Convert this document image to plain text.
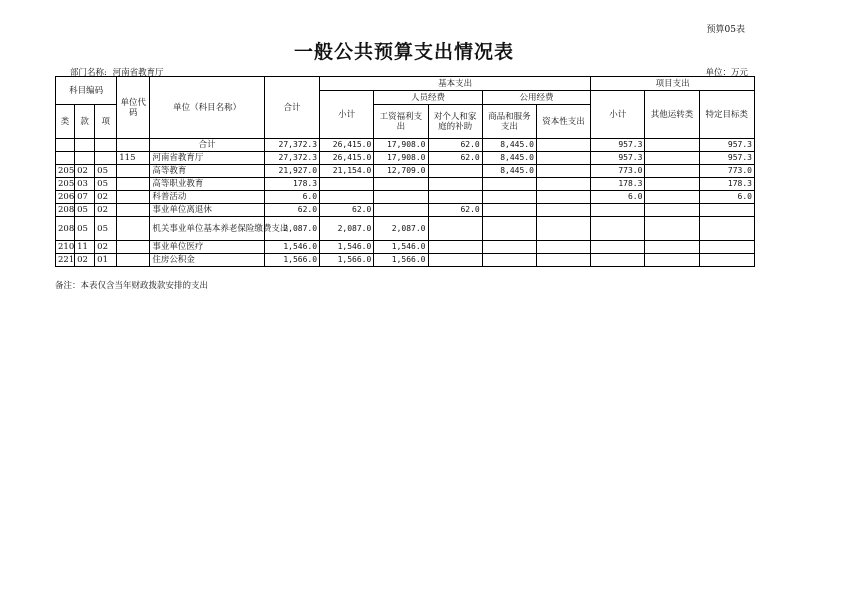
预算05表
一般公共预算支出情况表
部门名称: 河南省教育厅	单位：万元
科目编码			单位代码	单位（科目名称）	合计	基本支出					项目支出		
						小计	人员经费		公用经费		小计	其他运转类	特定目标类
类	款	项					工资福利支出	对个人和家庭的补助	商品和服务支出	资本性支出			

				合计	27,372.3	26,415.0	17,908.0	62.0	8,445.0		957.3		957.3
			115	河南省教育厅	27,372.3	26,415.0	17,908.0	62.0	8,445.0		957.3		957.3
205	02	05		高等教育	21,927.0	21,154.0	12,709.0		8,445.0		773.0		773.0
205	03	05		高等职业教育	178.3						178.3		178.3
206	07	02		科普活动	6.0						6.0		6.0
208	05	02		事业单位离退休	62.0	62.0		62.0					
208	05	05		机关事业单位基本养老保险缴费支出	2,087.0	2,087.0	2,087.0						
210	11	02		事业单位医疗	1,546.0	1,546.0	1,546.0						
221	02	01		住房公积金	1,566.0	1,566.0	1,566.0						
备注：本表仅含当年财政拨款安排的支出
